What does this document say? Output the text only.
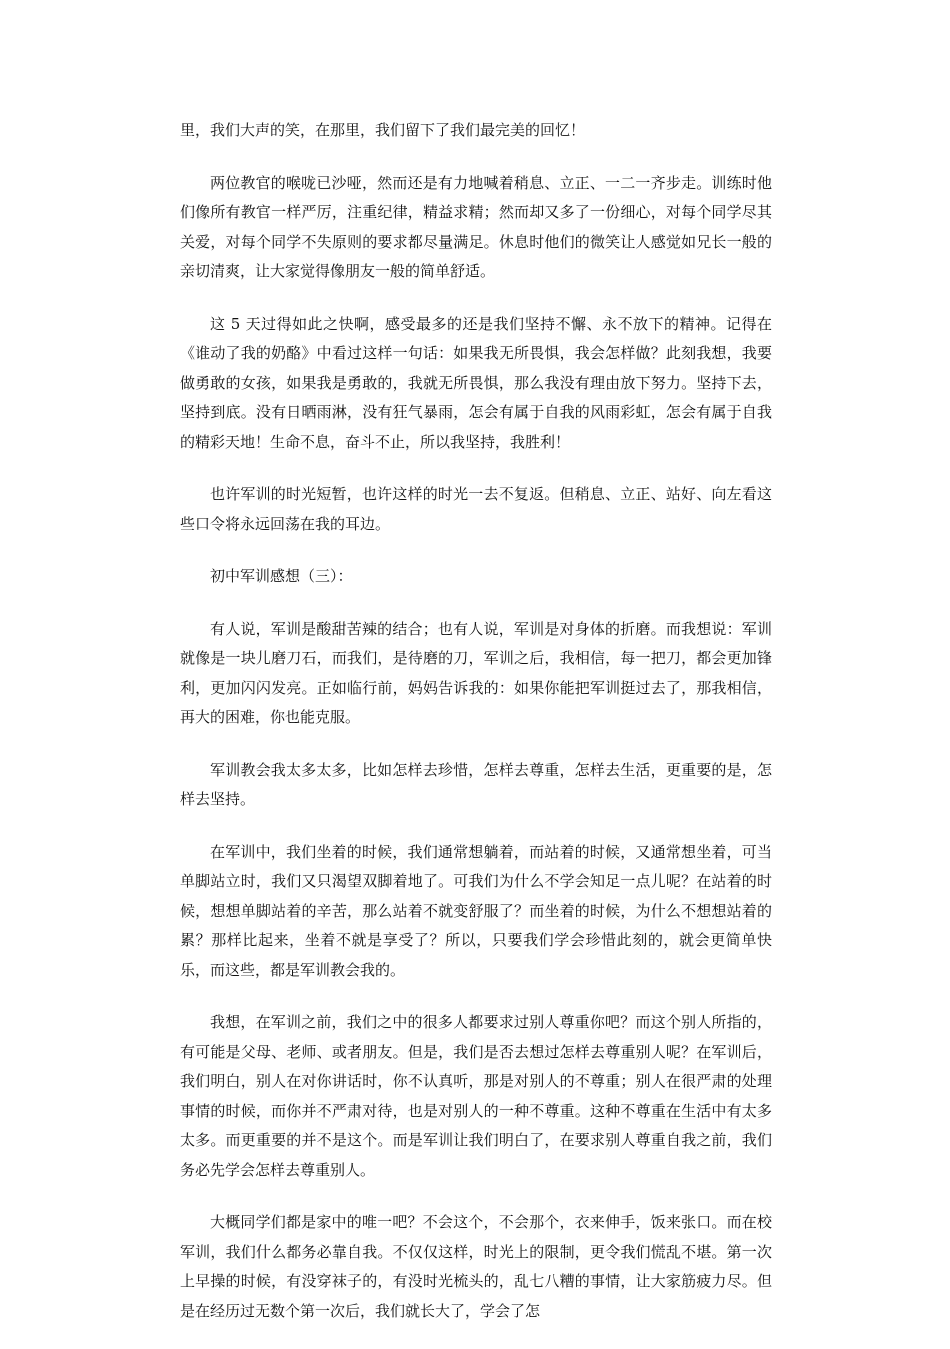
里，我们大声的笑，在那里，我们留下了我们最完美的回忆！

两位教官的喉咙已沙哑，然而还是有力地喊着稍息、立正、一二一齐步走。训练时他们像所有教官一样严厉，注重纪律，精益求精；然而却又多了一份细心，对每个同学尽其关爱，对每个同学不失原则的要求都尽量满足。休息时他们的微笑让人感觉如兄长一般的亲切清爽，让大家觉得像朋友一般的简单舒适。

这 5 天过得如此之快啊，感受最多的还是我们坚持不懈、永不放下的精神。记得在《谁动了我的奶酪》中看过这样一句话：如果我无所畏惧，我会怎样做？此刻我想，我要做勇敢的女孩，如果我是勇敢的，我就无所畏惧，那么我没有理由放下努力。坚持下去，坚持到底。没有日晒雨淋，没有狂气暴雨，怎会有属于自我的风雨彩虹，怎会有属于自我的精彩天地！生命不息，奋斗不止，所以我坚持，我胜利！

也许军训的时光短暂，也许这样的时光一去不复返。但稍息、立正、站好、向左看这些口令将永远回荡在我的耳边。

初中军训感想（三）：

有人说，军训是酸甜苦辣的结合；也有人说，军训是对身体的折磨。而我想说：军训就像是一块儿磨刀石，而我们，是待磨的刀，军训之后，我相信，每一把刀，都会更加锋利，更加闪闪发亮。正如临行前，妈妈告诉我的：如果你能把军训挺过去了，那我相信，再大的困难，你也能克服。

军训教会我太多太多，比如怎样去珍惜，怎样去尊重，怎样去生活，更重要的是，怎样去坚持。

在军训中，我们坐着的时候，我们通常想躺着，而站着的时候，又通常想坐着，可当单脚站立时，我们又只渴望双脚着地了。可我们为什么不学会知足一点儿呢？在站着的时候，想想单脚站着的辛苦，那么站着不就变舒服了？而坐着的时候，为什么不想想站着的累？那样比起来，坐着不就是享受了？所以，只要我们学会珍惜此刻的，就会更简单快乐，而这些，都是军训教会我的。

我想，在军训之前，我们之中的很多人都要求过别人尊重你吧？而这个别人所指的，有可能是父母、老师、或者朋友。但是，我们是否去想过怎样去尊重别人呢？在军训后，我们明白，别人在对你讲话时，你不认真听，那是对别人的不尊重；别人在很严肃的处理事情的时候，而你并不严肃对待，也是对别人的一种不尊重。这种不尊重在生活中有太多太多。而更重要的并不是这个。而是军训让我们明白了，在要求别人尊重自我之前，我们务必先学会怎样去尊重别人。

大概同学们都是家中的唯一吧？不会这个，不会那个，衣来伸手，饭来张口。而在校军训，我们什么都务必靠自我。不仅仅这样，时光上的限制，更令我们慌乱不堪。第一次上早操的时候，有没穿袜子的，有没时光梳头的，乱七八糟的事情，让大家筋疲力尽。但是在经历过无数个第一次后，我们就长大了，学会了怎
